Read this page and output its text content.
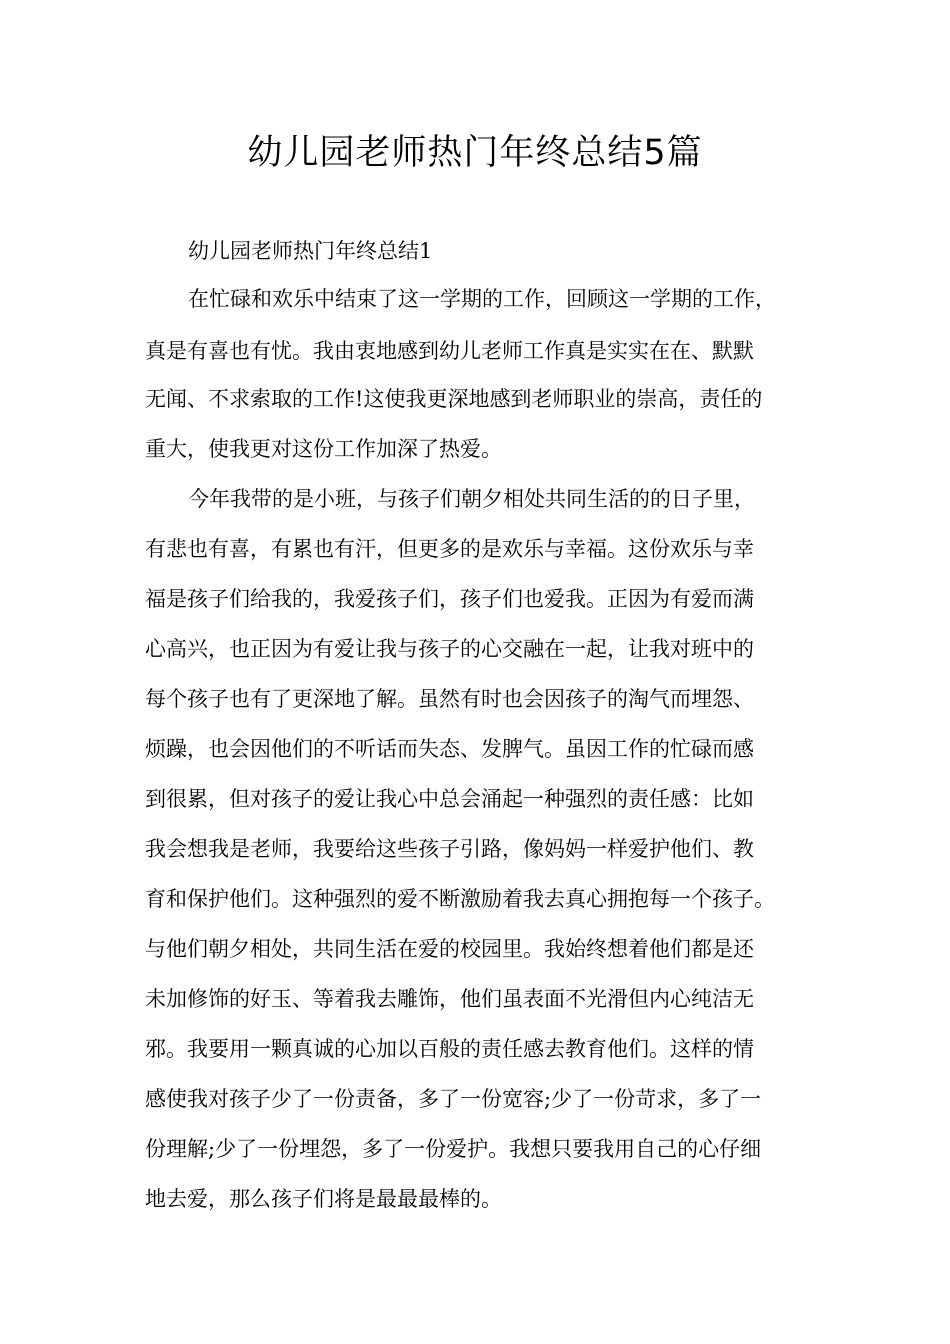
幼儿园老师热门年终总结5篇
幼儿园老师热门年终总结1

在忙碌和欢乐中结束了这一学期的工作，回顾这一学期的工作，

真是有喜也有忧。我由衷地感到幼儿老师工作真是实实在在、默默

无闻、不求索取的工作!这使我更深地感到老师职业的崇高，责任的

重大，使我更对这份工作加深了热爱。

今年我带的是小班，与孩子们朝夕相处共同生活的的日子里，

有悲也有喜，有累也有汗，但更多的是欢乐与幸福。这份欢乐与幸

福是孩子们给我的，我爱孩子们，孩子们也爱我。正因为有爱而满

心高兴，也正因为有爱让我与孩子的心交融在一起，让我对班中的

每个孩子也有了更深地了解。虽然有时也会因孩子的淘气而埋怨、

烦躁，也会因他们的不听话而失态、发脾气。虽因工作的忙碌而感

到很累，但对孩子的爱让我心中总会涌起一种强烈的责任感：比如

我会想我是老师，我要给这些孩子引路，像妈妈一样爱护他们、教

育和保护他们。这种强烈的爱不断激励着我去真心拥抱每一个孩子。

与他们朝夕相处，共同生活在爱的校园里。我始终想着他们都是还

未加修饰的好玉、等着我去雕饰，他们虽表面不光滑但内心纯洁无

邪。我要用一颗真诚的心加以百般的责任感去教育他们。这样的情

感使我对孩子少了一份责备，多了一份宽容;少了一份苛求，多了一

份理解;少了一份埋怨，多了一份爱护。我想只要我用自己的心仔细

地去爱，那么孩子们将是最最最棒的。
